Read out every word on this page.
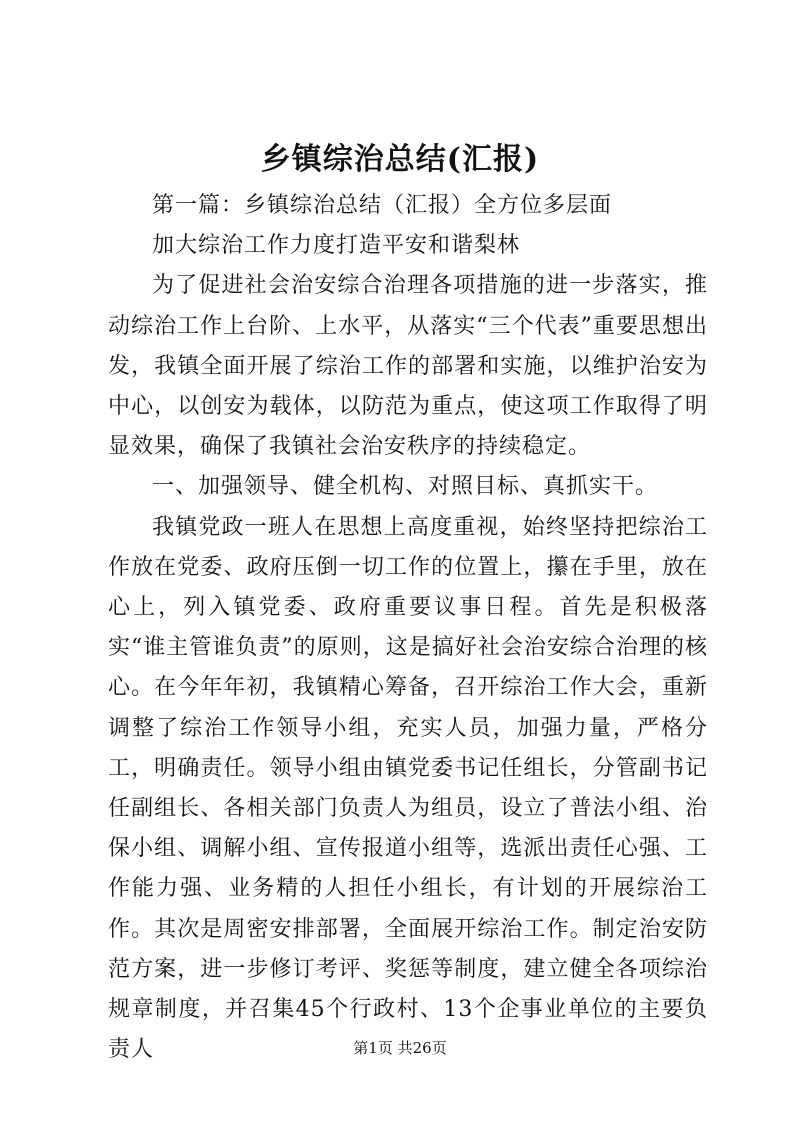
乡镇综治总结(汇报)

第一篇：乡镇综治总结（汇报）全方位多层面

加大综治工作力度打造平安和谐梨林

为了促进社会治安综合治理各项措施的进一步落实，推动综治工作上台阶、上水平，从落实“三个代表”重要思想出发，我镇全面开展了综治工作的部署和实施，以维护治安为中心，以创安为载体，以防范为重点，使这项工作取得了明显效果，确保了我镇社会治安秩序的持续稳定。

一、加强领导、健全机构、对照目标、真抓实干。

我镇党政一班人在思想上高度重视，始终坚持把综治工作放在党委、政府压倒一切工作的位置上，攥在手里，放在心上，列入镇党委、政府重要议事日程。首先是积极落实“谁主管谁负责”的原则，这是搞好社会治安综合治理的核心。在今年年初，我镇精心筹备，召开综治工作大会，重新调整了综治工作领导小组，充实人员，加强力量，严格分工，明确责任。领导小组由镇党委书记任组长，分管副书记任副组长、各相关部门负责人为组员，设立了普法小组、治保小组、调解小组、宣传报道小组等，选派出责任心强、工作能力强、业务精的人担任小组长，有计划的开展综治工作。其次是周密安排部署，全面展开综治工作。制定治安防范方案，进一步修订考评、奖惩等制度，建立健全各项综治规章制度，并召集45个行政村、13个企事业单位的主要负责人	第1页 共26页
